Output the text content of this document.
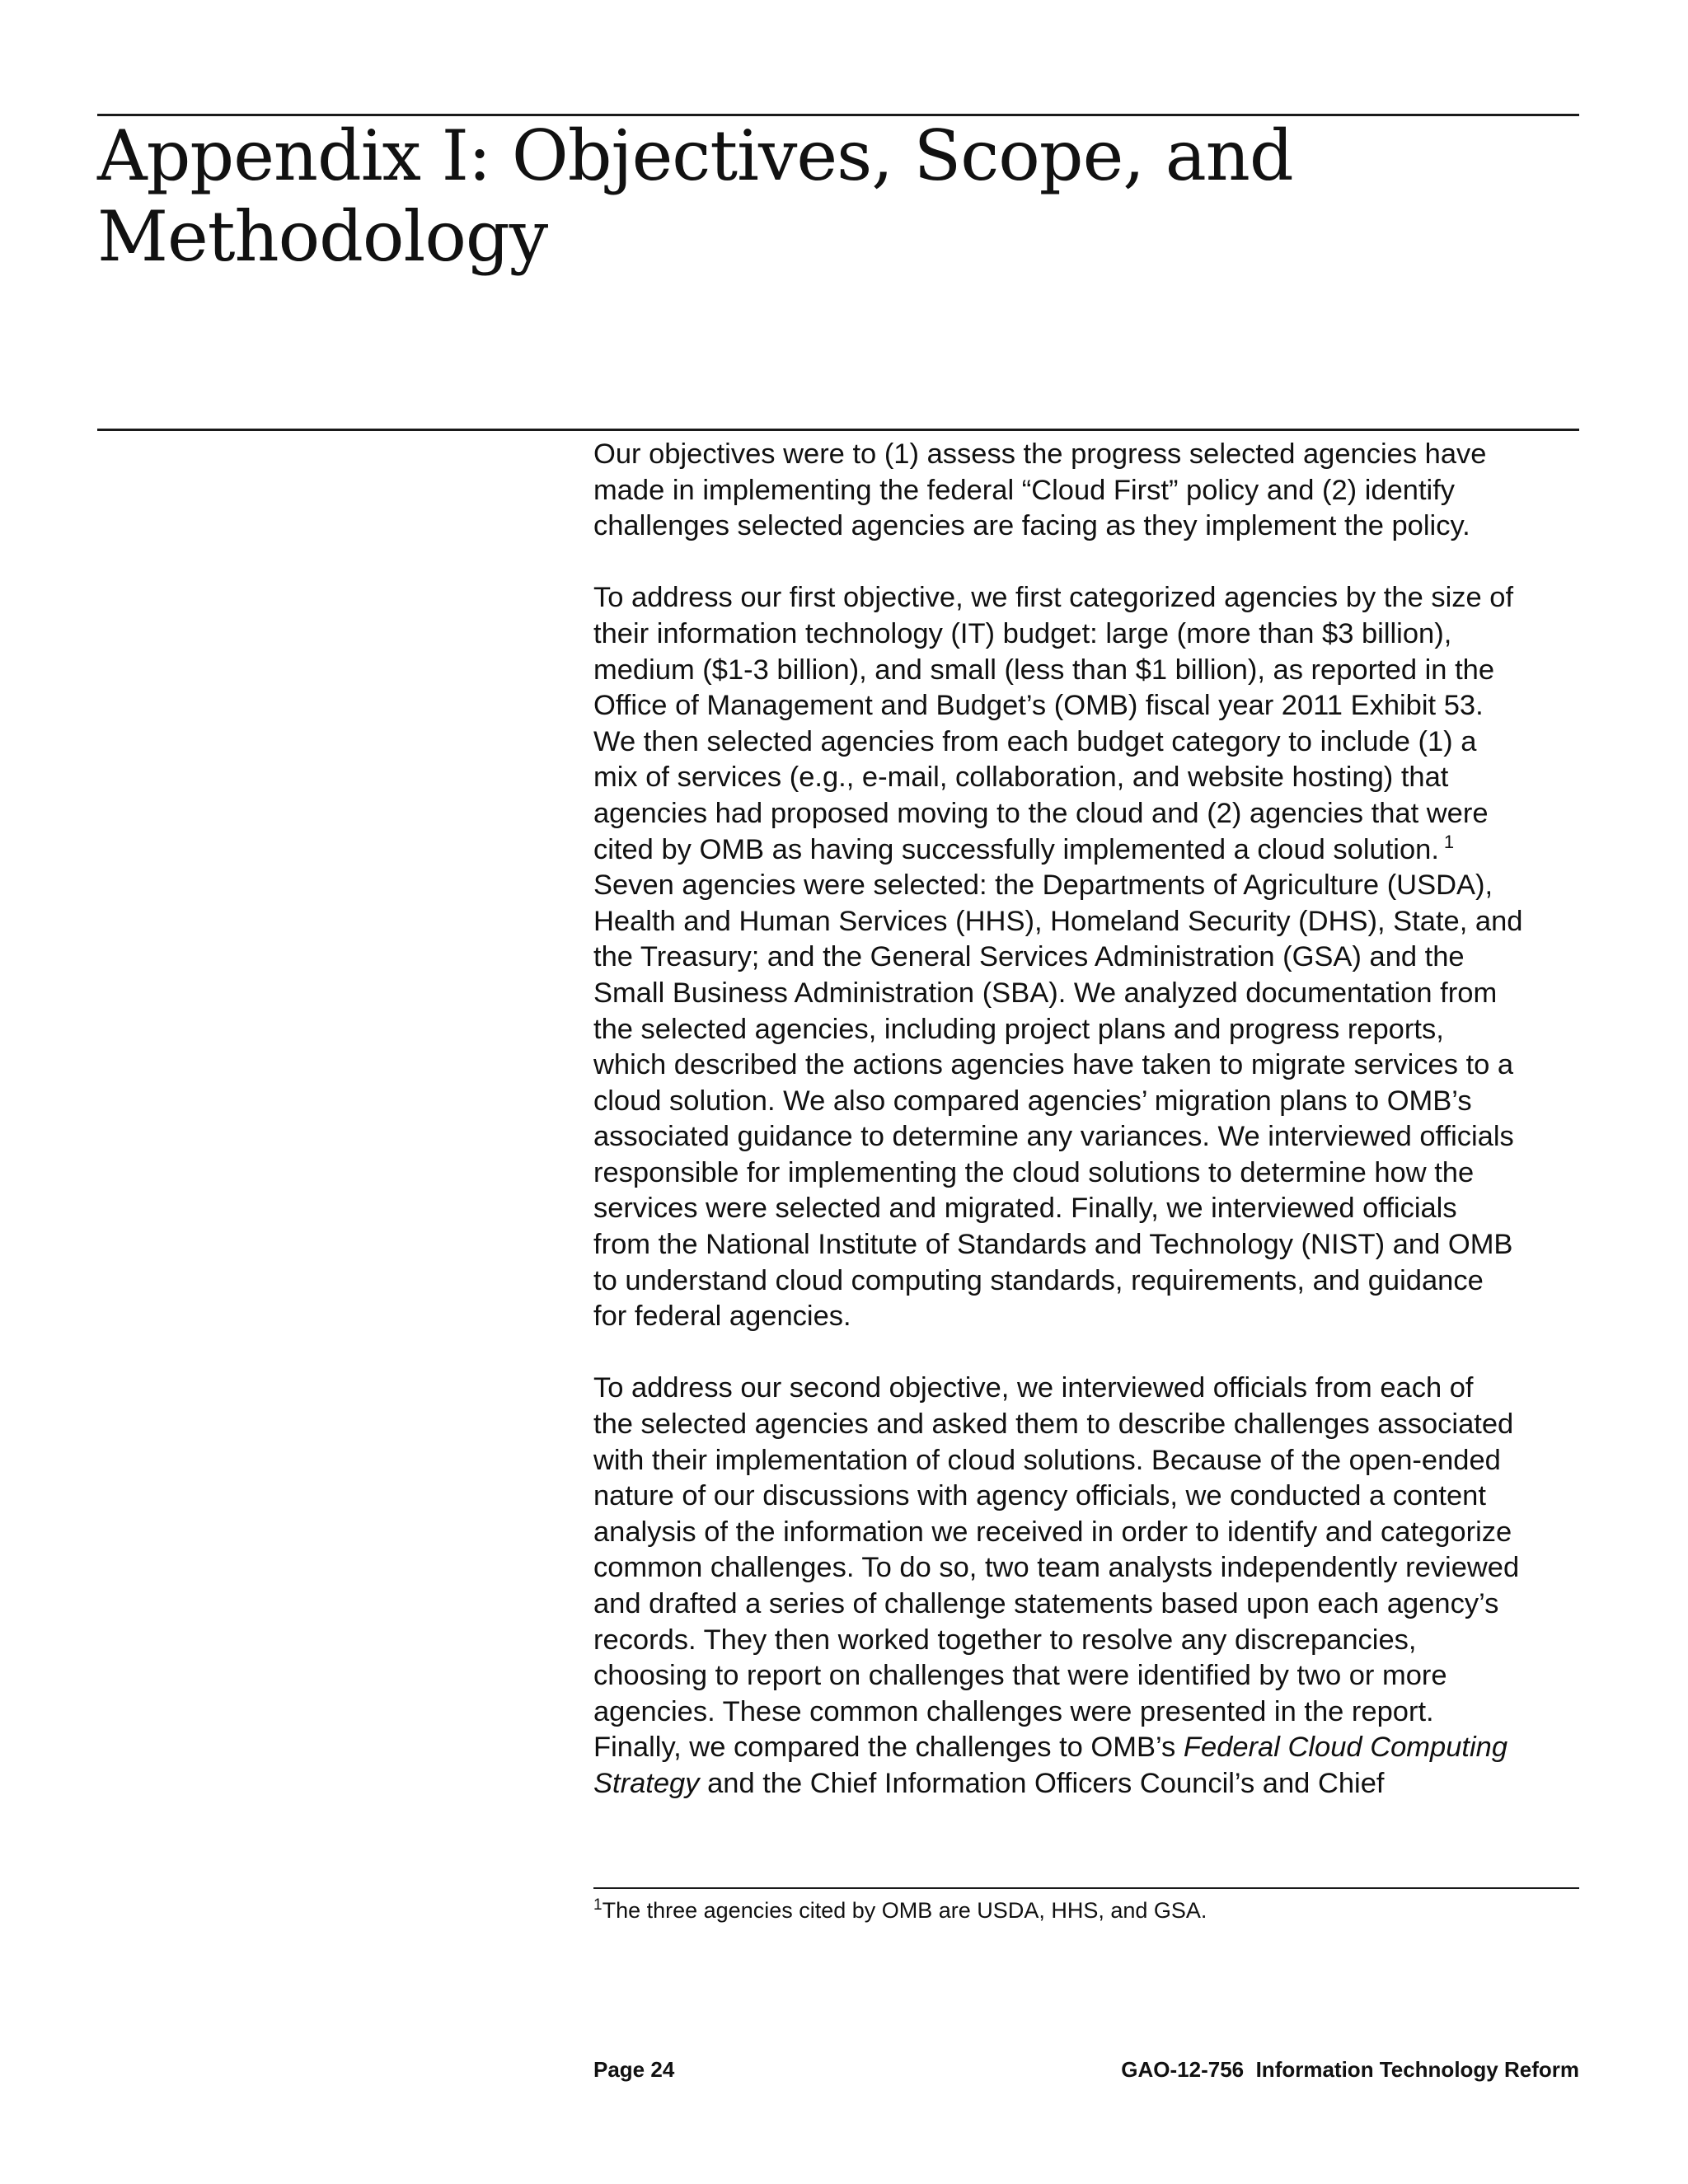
Appendix I: Objectives, Scope, and
Methodology

Our objectives were to (1) assess the progress selected agencies have
made in implementing the federal “Cloud First” policy and (2) identify
challenges selected agencies are facing as they implement the policy.

To address our first objective, we first categorized agencies by the size of
their information technology (IT) budget: large (more than $3 billion),
medium ($1-3 billion), and small (less than $1 billion), as reported in the
Office of Management and Budget’s (OMB) fiscal year 2011 Exhibit 53.
We then selected agencies from each budget category to include (1) a
mix of services (e.g., e-mail, collaboration, and website hosting) that
agencies had proposed moving to the cloud and (2) agencies that were
cited by OMB as having successfully implemented a cloud solution. $^1$
Seven agencies were selected: the Departments of Agriculture (USDA),
Health and Human Services (HHS), Homeland Security (DHS), State, and
the Treasury; and the General Services Administration (GSA) and the
Small Business Administration (SBA). We analyzed documentation from
the selected agencies, including project plans and progress reports,
which described the actions agencies have taken to migrate services to a
cloud solution. We also compared agencies’ migration plans to OMB’s
associated guidance to determine any variances. We interviewed officials
responsible for implementing the cloud solutions to determine how the
services were selected and migrated. Finally, we interviewed officials
from the National Institute of Standards and Technology (NIST) and OMB
to understand cloud computing standards, requirements, and guidance
for federal agencies.

To address our second objective, we interviewed officials from each of
the selected agencies and asked them to describe challenges associated
with their implementation of cloud solutions. Because of the open-ended
nature of our discussions with agency officials, we conducted a content
analysis of the information we received in order to identify and categorize
common challenges. To do so, two team analysts independently reviewed
and drafted a series of challenge statements based upon each agency’s
records. They then worked together to resolve any discrepancies,
choosing to report on challenges that were identified by two or more
agencies. These common challenges were presented in the report.
Finally, we compared the challenges to OMB’s Federal Cloud Computing
Strategy and the Chief Information Officers Council’s and Chief

$^1$The three agencies cited by OMB are USDA, HHS, and GSA.
Page 24	GAO-12-756  Information Technology Reform
